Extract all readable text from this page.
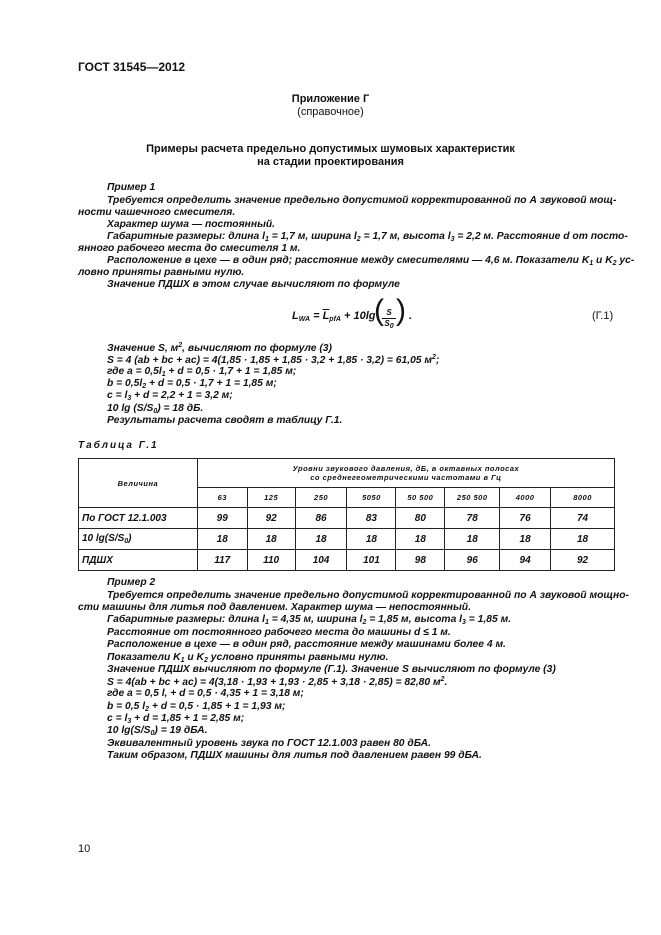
ГОСТ 31545—2012
Приложение Г
(справочное)
Примеры расчета предельно допустимых шумовых характеристик
на стадии проектирования
Пример 1
Требуется определить значение предельно допустимой корректированной по А звуковой мощ-
ности чашечного смесителя.
Характер шума — постоянный.
Габаритные размеры: длина $l_1 = 1,7$ м, ширина $l_2 = 1,7$ м, высота $l_3 = 2,2$ м. Расстояние d от посто-
янного рабочего места до смесителя 1 м.
Расположение в цехе — в один ряд; расстояние между смесителями — 4,6 м. Показатели $K_1$ и $K_2$ ус-
ловно приняты равными нулю.
Значение ПДШХ в этом случае вычисляют по формуле
$L_{WA} = \overline{L}_{pfA} + 10\lg$
(
$\frac{S}{S_0}$ ) .	(Г.1)
Значение S, $м^2$, вычисляют по формуле (3)
S = 4 (ab + bc + ac) = 4(1,85 · 1,85 + 1,85 · 3,2 + 1,85 · 3,2) = 61,05 $м^2$;
где $a = 0,5l_1 + d = 0,5 \cdot 1,7 + 1 = 1,85$ м;
$b = 0,5l_2 + d = 0,5 \cdot 1,7 + 1 = 1,85$ м;
$c = l_3 + d = 2,2 + 1 = 3,2$ м;
10 $\lg (S/S_0) = 18$ дБ.
Результаты расчета сводят в таблицу Г.1.
Таблица Г.1
Величина	Уровни звукового давления, дБ, в октавных полосах
со среднегеометрическими частотами в Гц							

	63	125	250	5050	50 500	250 500	4000	8000
По ГОСТ 12.1.003	99	92	86	83	80	78	76	74
10 $\lg(S/S_0)$	18	18	18	18	18	18	18	18
ПДШХ	117	110	104	101	98	96	94	92
Пример 2
Требуется определить значение предельно допустимой корректированной по А звуковой мощно-
сти машины для литья под давлением. Характер шума — непостоянный.
Габаритные размеры: длина $l_1 = 4,35$ м, ширина $l_2 = 1,85$ м, высота $l_3 = 1,85$ м.
Расстояние от постоянного рабочего места до машины d ≤ 1 м.
Расположение в цехе — в один ряд, расстояние между машинами более 4 м.
Показатели $K_1$ и $K_2$ условно приняты равными нулю.
Значение ПДШХ вычисляют по формуле (Г.1). Значение S вычисляют по формуле (3)
S = 4(ab + bc + ac) = 4(3,18 · 1,93 + 1,93 · 2,85 + 3,18 · 2,85) = 82,80 $м^2$.
где a = 0,5 l, + d = 0,5 · 4,35 + 1 = 3,18 м;
b = 0,5 $l_2 + d = 0,5 \cdot 1,85 + 1 = 1,93$ м;
$c = l_3 + d = 1,85 + 1 = 2,85$ м;
10 $\lg(S/S_0) = 19$ дБА.
Эквивалентный уровень звука по ГОСТ 12.1.003 равен 80 дБА.
Таким образом, ПДШХ машины для литья под давлением равен 99 дБА.
10
